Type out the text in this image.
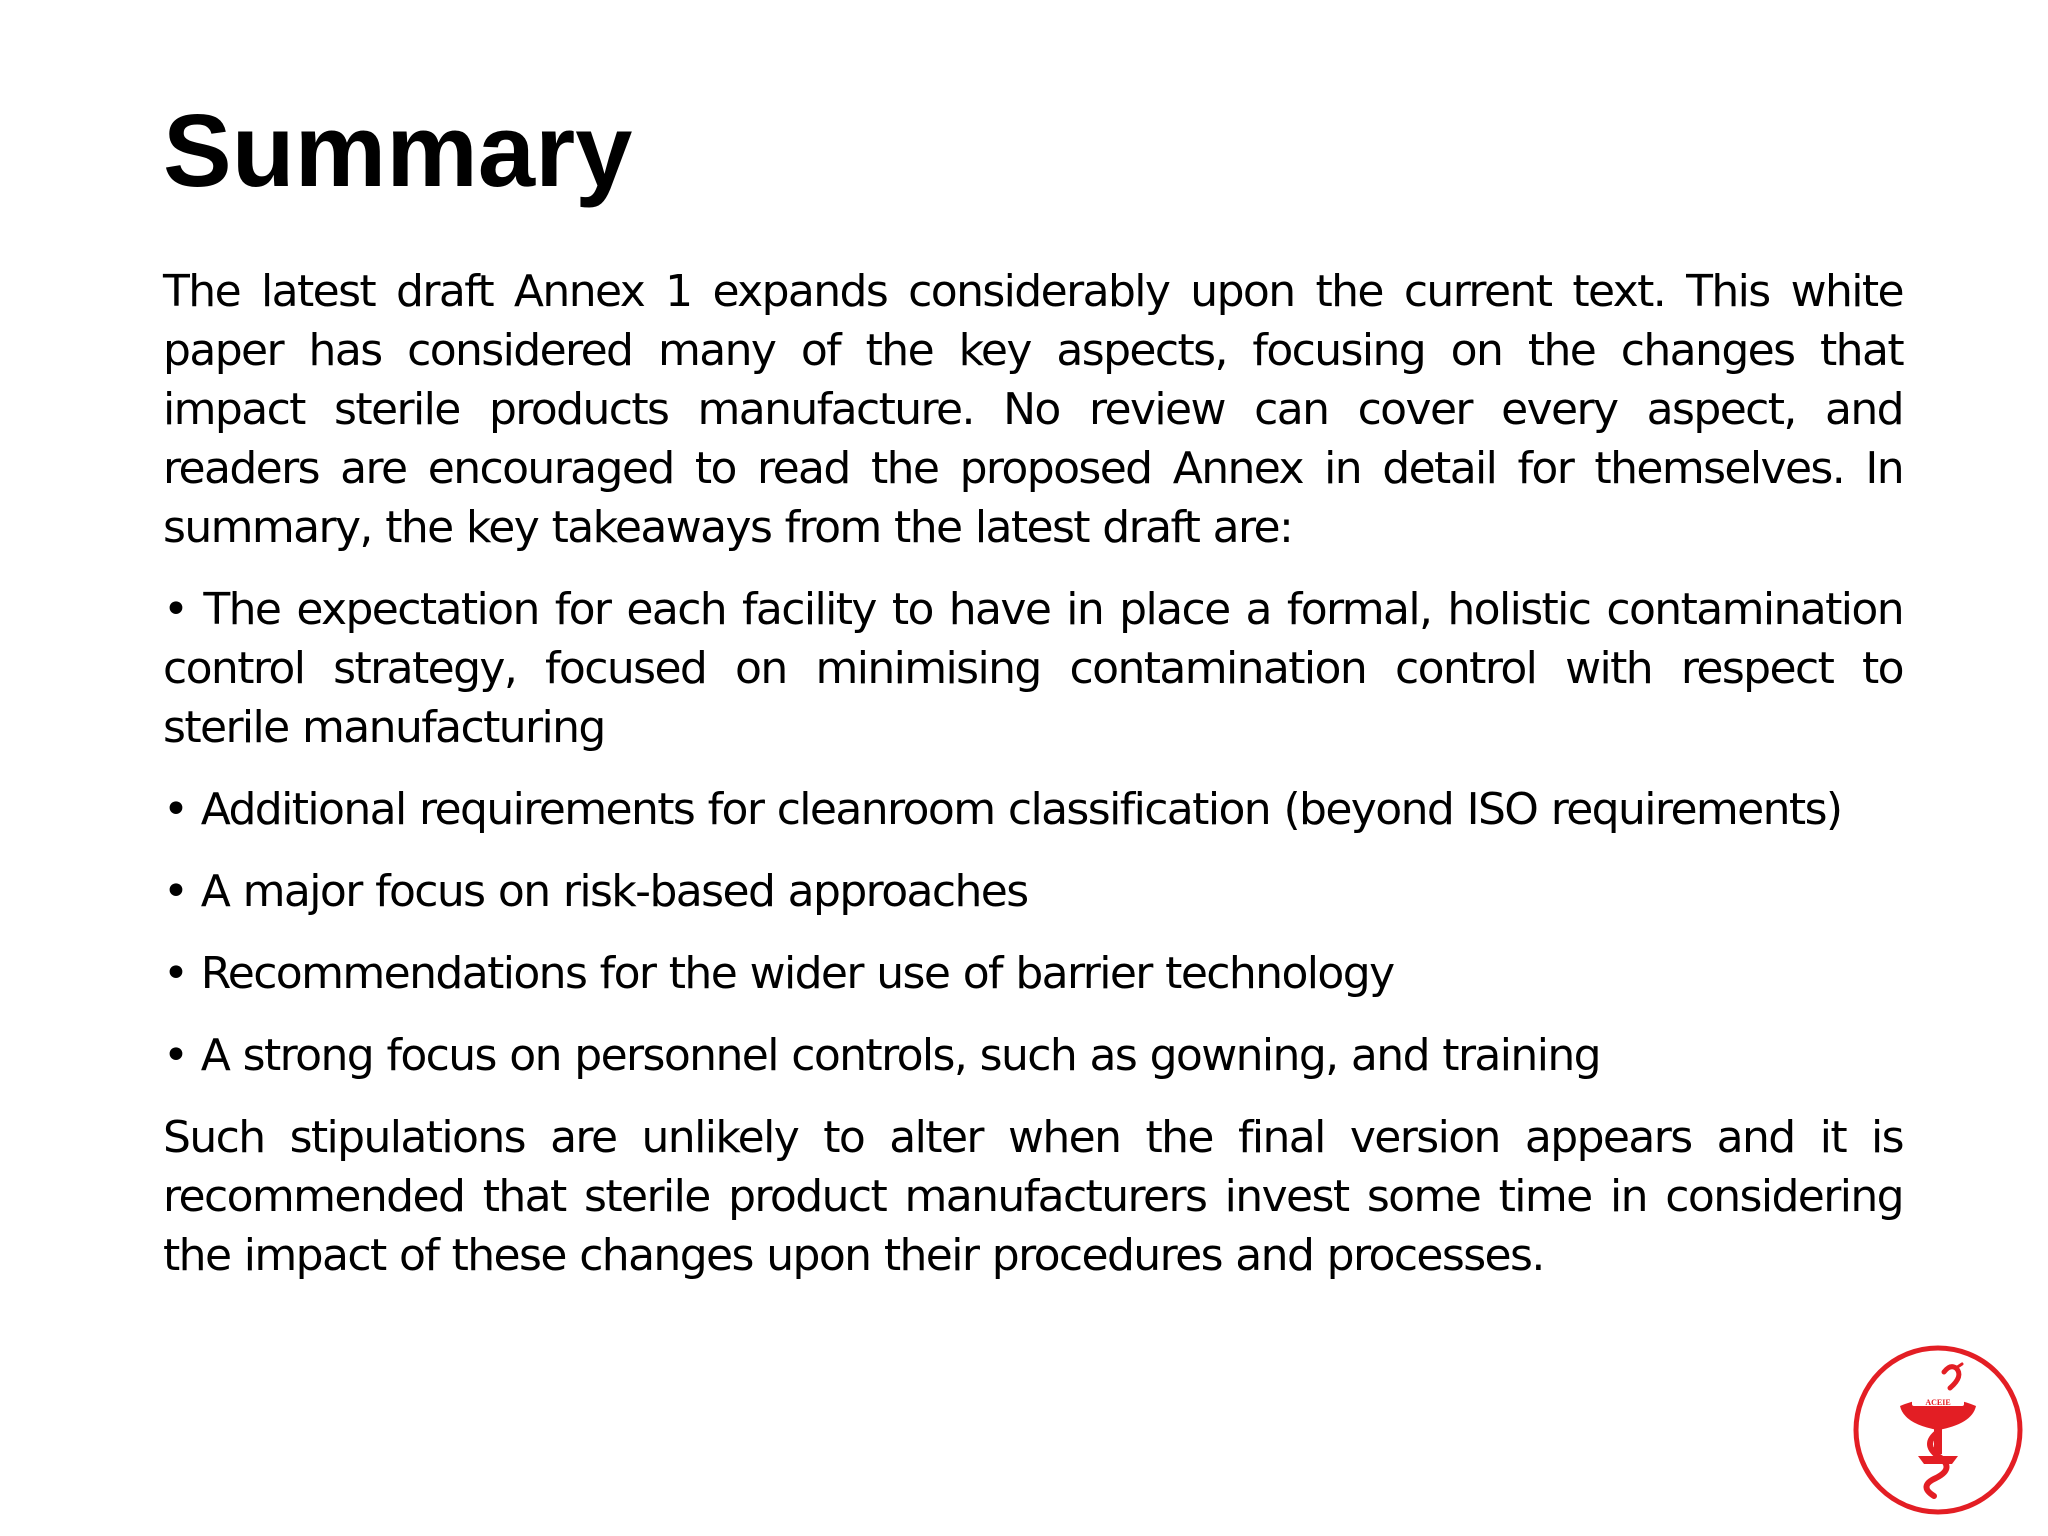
Summary

The latest draft Annex 1 expands considerably upon the current text. This white paper has considered many of the key aspects, focusing on the changes that impact sterile products manufacture. No review can cover every aspect, and readers are encouraged to read the proposed Annex in detail for themselves. In summary, the key takeaways from the latest draft are:

• The expectation for each facility to have in place a formal, holistic contamination control strategy, focused on minimising contamination control with respect to sterile manufacturing

• Additional requirements for cleanroom classification (beyond ISO requirements)

• A major focus on risk-based approaches

• Recommendations for the wider use of barrier technology

• A strong focus on personnel controls, such as gowning, and training

Such stipulations are unlikely to alter when the final version appears and it is recommended that sterile product manufacturers invest some time in considering the impact of these changes upon their procedures and processes.

ACEIE
